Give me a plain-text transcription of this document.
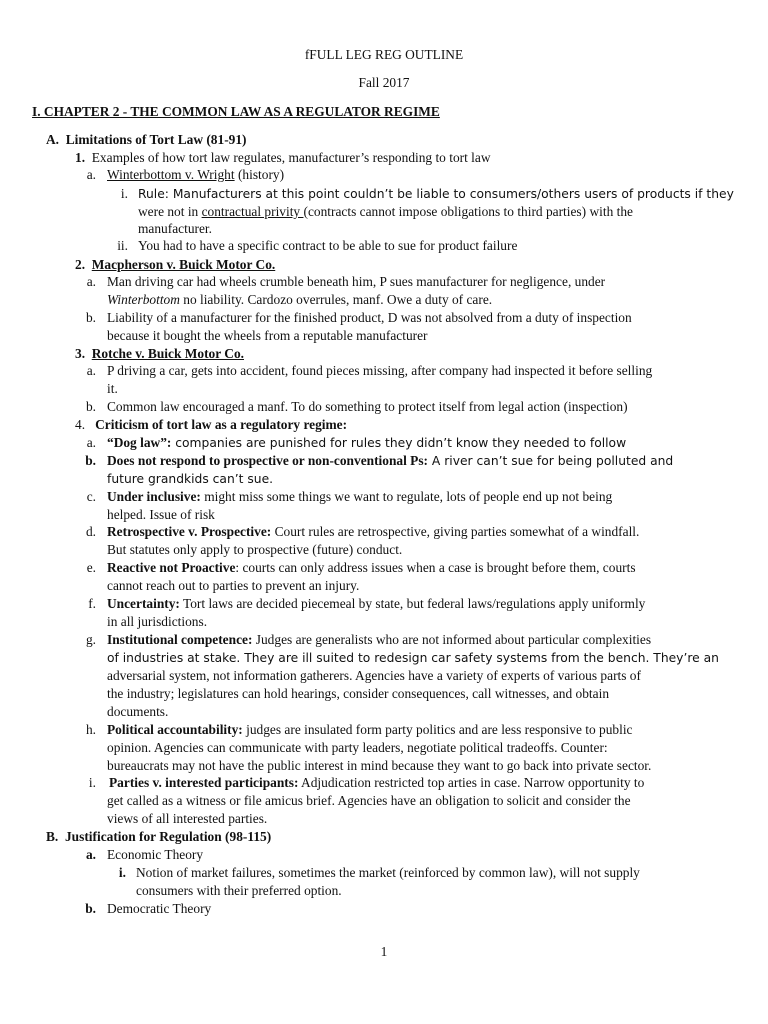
fFULL LEG REG OUTLINE
Fall 2017
I. CHAPTER 2 - THE COMMON LAW AS A REGULATOR REGIME
A. Limitations of Tort Law (81-91)
1. Examples of how tort law regulates, manufacturer’s responding to tort law
a. Winterbottom v. Wright (history)
i. Rule: Manufacturers at this point couldn’t be liable to consumers/others users of products if they
were not in contractual privity (contracts cannot impose obligations to third parties) with the
manufacturer.
ii. You had to have a specific contract to be able to sue for product failure
2. Macpherson v. Buick Motor Co.
a. Man driving car had wheels crumble beneath him, P sues manufacturer for negligence, under
Winterbottom no liability. Cardozo overrules, manf. Owe a duty of care.
b. Liability of a manufacturer for the finished product, D was not absolved from a duty of inspection
because it bought the wheels from a reputable manufacturer
3. Rotche v. Buick Motor Co.
a. P driving a car, gets into accident, found pieces missing, after company had inspected it before selling
it.
b. Common law encouraged a manf. To do something to protect itself from legal action (inspection)
4. Criticism of tort law as a regulatory regime:
a. “Dog law”: companies are punished for rules they didn’t know they needed to follow
b. Does not respond to prospective or non-conventional Ps: A river can’t sue for being polluted and
future grandkids can’t sue.
c. Under inclusive: might miss some things we want to regulate, lots of people end up not being
helped. Issue of risk
d. Retrospective v. Prospective: Court rules are retrospective, giving parties somewhat of a windfall.
But statutes only apply to prospective (future) conduct.
e. Reactive not Proactive: courts can only address issues when a case is brought before them, courts
cannot reach out to parties to prevent an injury.
f. Uncertainty: Tort laws are decided piecemeal by state, but federal laws/regulations apply uniformly
in all jurisdictions.
g. Institutional competence: Judges are generalists who are not informed about particular complexities
of industries at stake. They are ill suited to redesign car safety systems from the bench. They’re an
adversarial system, not information gatherers. Agencies have a variety of experts of various parts of
the industry; legislatures can hold hearings, consider consequences, call witnesses, and obtain
documents.
h. Political accountability: judges are insulated form party politics and are less responsive to public
opinion. Agencies can communicate with party leaders, negotiate political tradeoffs. Counter:
bureaucrats may not have the public interest in mind because they want to go back into private sector.
i. Parties v. interested participants: Adjudication restricted top arties in case. Narrow opportunity to
get called as a witness or file amicus brief. Agencies have an obligation to solicit and consider the
views of all interested parties.
B. Justification for Regulation (98-115)
a. Economic Theory
i. Notion of market failures, sometimes the market (reinforced by common law), will not supply
consumers with their preferred option.
b. Democratic Theory
1
